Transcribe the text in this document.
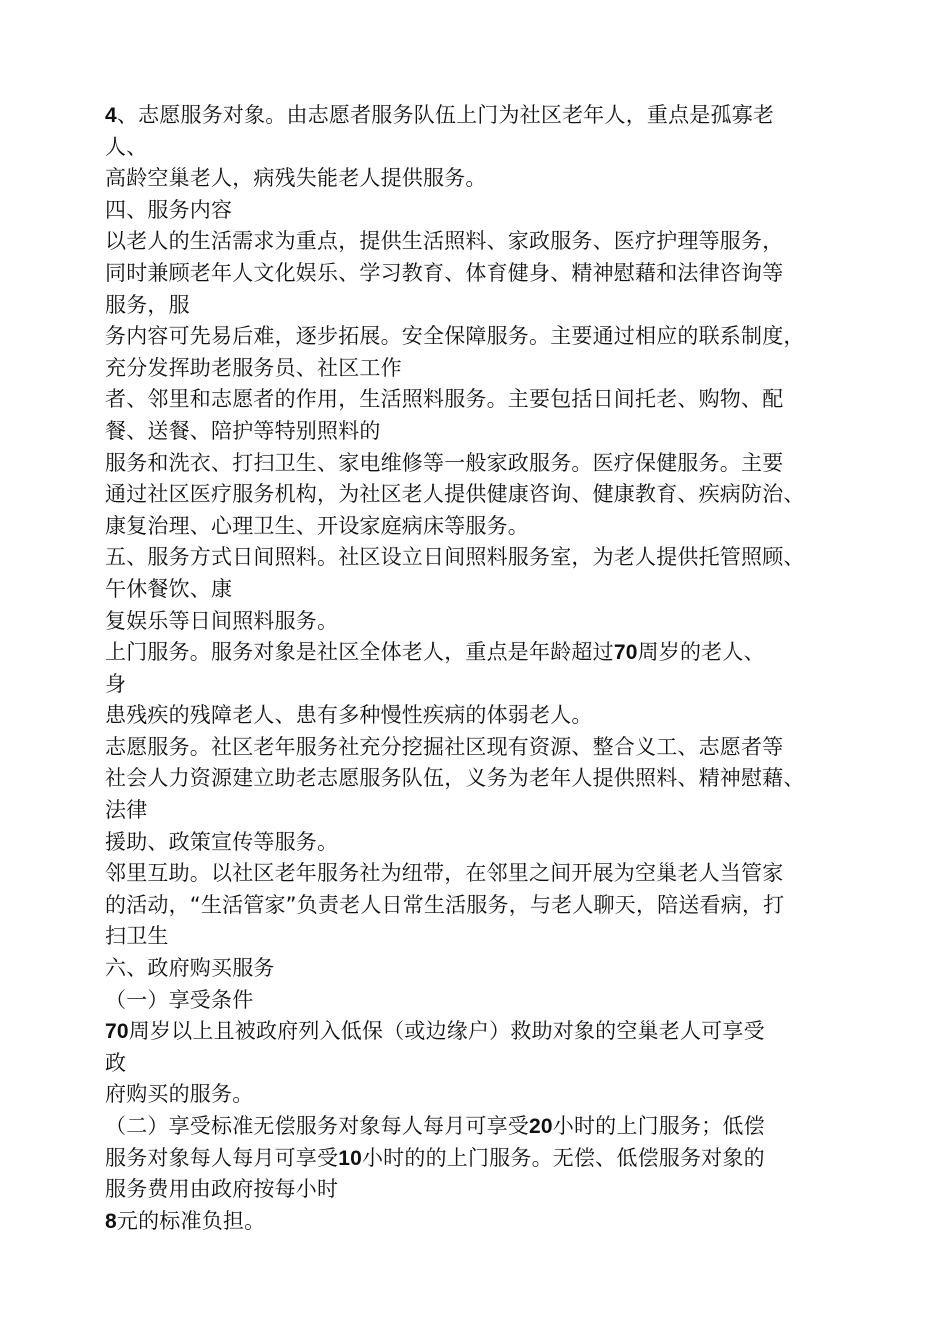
4、志愿服务对象。由志愿者服务队伍上门为社区老年人，重点是孤寡老
人、
高龄空巢老人，病残失能老人提供服务。
四、服务内容
以老人的生活需求为重点，提供生活照料、家政服务、医疗护理等服务，
同时兼顾老年人文化娱乐、学习教育、体育健身、精神慰藉和法律咨询等
服务，服
务内容可先易后难，逐步拓展。安全保障服务。主要通过相应的联系制度，
充分发挥助老服务员、社区工作
者、邻里和志愿者的作用，生活照料服务。主要包括日间托老、购物、配
餐、送餐、陪护等特别照料的
服务和洗衣、打扫卫生、家电维修等一般家政服务。医疗保健服务。主要
通过社区医疗服务机构，为社区老人提供健康咨询、健康教育、疾病防治、
康复治理、心理卫生、开设家庭病床等服务。
五、服务方式日间照料。社区设立日间照料服务室，为老人提供托管照顾、
午休餐饮、康
复娱乐等日间照料服务。
上门服务。服务对象是社区全体老人，重点是年龄超过70周岁的老人、
身
患残疾的残障老人、患有多种慢性疾病的体弱老人。
志愿服务。社区老年服务社充分挖掘社区现有资源、整合义工、志愿者等
社会人力资源建立助老志愿服务队伍，义务为老年人提供照料、精神慰藉、
法律
援助、政策宣传等服务。
邻里互助。以社区老年服务社为纽带，在邻里之间开展为空巢老人当管家
的活动，“生活管家”负责老人日常生活服务，与老人聊天，陪送看病，打
扫卫生
六、政府购买服务
（一）享受条件
70周岁以上且被政府列入低保（或边缘户）救助对象的空巢老人可享受
政
府购买的服务。
（二）享受标准无偿服务对象每人每月可享受20小时的上门服务；低偿
服务对象每人每月可享受10小时的的上门服务。无偿、低偿服务对象的
服务费用由政府按每小时
8元的标准负担。
